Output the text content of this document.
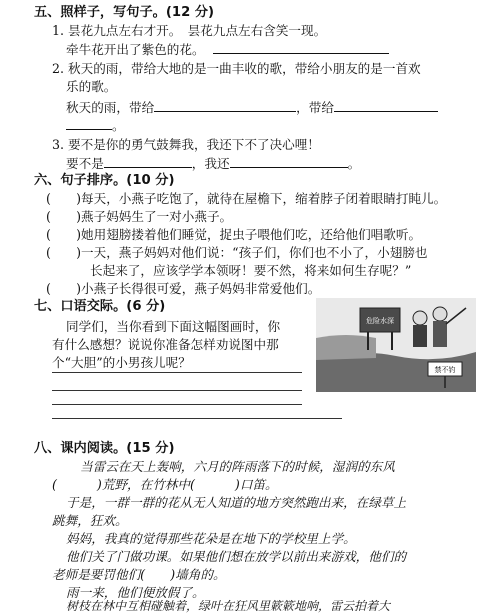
五、照样子，写句子。(12 分)
1. 昙花九点左右才开。　昙花九点左右含笑一现。
牵牛花开出了紫色的花。
2. 秋天的雨，带给大地的是一曲丰收的歌，带给小朋友的是一首欢
乐的歌。
秋天的雨，带给	，带给
。
3. 要不是你的勇气鼓舞我，我还下不了决心哩！
要不是	，我还	。
六、句子排序。(10 分)
(　　)每天，小燕子吃饱了，就待在屋檐下，缩着脖子闭着眼睛打盹儿。
(　　)燕子妈妈生了一对小燕子。
(　　)她用翅膀搂着他们睡觉，捉虫子喂他们吃，还给他们唱歌听。
(　　)一天，燕子妈妈对他们说：“孩子们，你们也不小了，小翅膀也
长起来了，应该学学本领呀！要不然，将来如何生存呢？”
(　　)小燕子长得很可爱，燕子妈妈非常爱他们。
七、口语交际。(6 分)
同学们，当你看到下面这幅图画时，你
有什么感想？说说你准备怎样劝说图中那
个“大胆”的小男孩儿呢？
危险水深
禁不钓
八、课内阅读。(15 分)
当雷云在天上轰响，六月的阵雨落下的时候，湿润的东风
(	)荒野，在竹林中(	)口笛。
于是，一群一群的花从无人知道的地方突然跑出来，在绿草上
跳舞，狂欢。
妈妈，我真的觉得那些花朵是在地下的学校里上学。
他们关了门做功课。如果他们想在放学以前出来游戏，他们的
老师是要罚他们(　　)墙角的。
雨一来，他们便放假了。
树枝在林中互相碰触着，绿叶在狂风里簌簌地响，雷云拍着大
